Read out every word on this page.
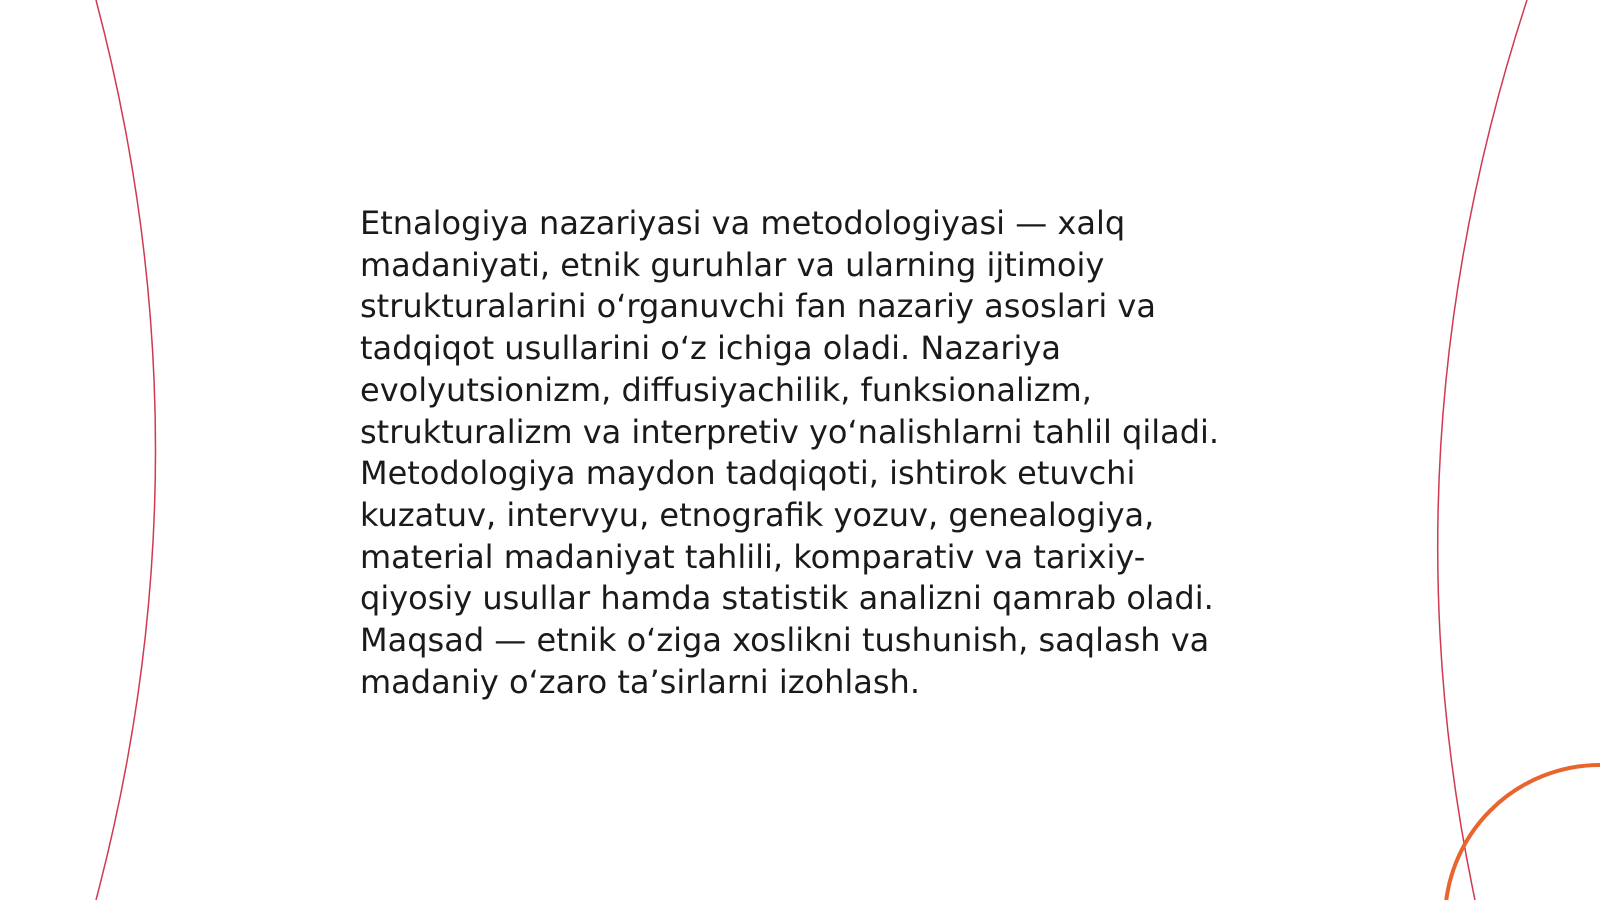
Etnalogiya nazariyasi va metodologiyasi — xalq madaniyati, etnik guruhlar va ularning ijtimoiy strukturalarini oʻrganuvchi fan nazariy asoslari va tadqiqot usullarini oʻz ichiga oladi. Nazariya evolyutsionizm, diffusiyachilik, funksionalizm, strukturalizm va interpretiv yoʻnalishlarni tahlil qiladi. Metodologiya maydon tadqiqoti, ishtirok etuvchi kuzatuv, intervyu, etnografik yozuv, genealogiya, material madaniyat tahlili, komparativ va tarixiy-qiyosiy usullar hamda statistik analizni qamrab oladi. Maqsad — etnik oʻziga xoslikni tushunish, saqlash va madaniy oʻzaro taʼsirlarni izohlash.
